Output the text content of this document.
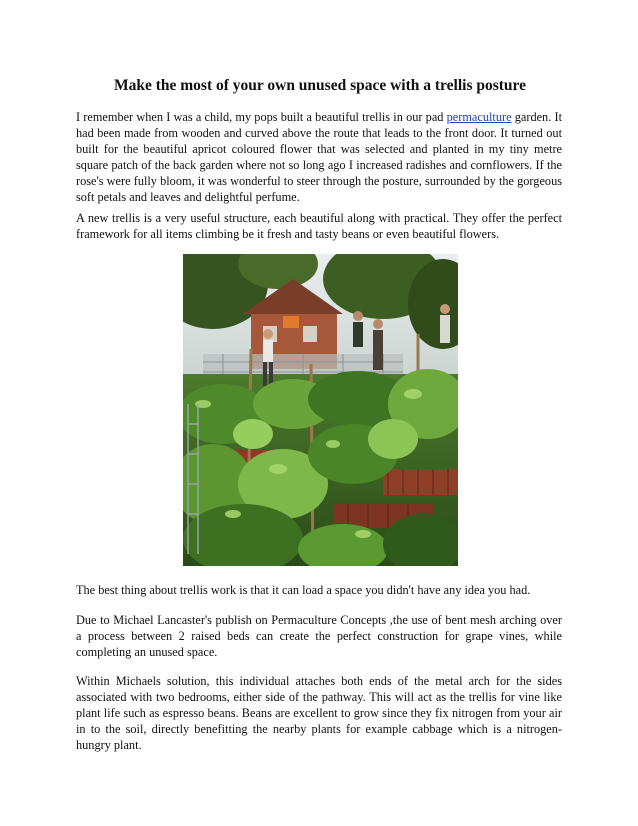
Make the most of your own unused space with a trellis posture

I remember when I was a child, my pops built a beautiful trellis in our pad permaculture garden. It had been made from wooden and curved above the route that leads to the front door. It turned out built for the beautiful apricot coloured flower that was selected and planted in my tiny metre square patch of the back garden where not so long ago I increased radishes and cornflowers. If the rose's were fully bloom, it was wonderful to steer through the posture, surrounded by the gorgeous soft petals and leaves and delightful perfume.

A new trellis is a very useful structure, each beautiful along with practical. They offer the perfect framework for all items climbing be it fresh and tasty beans or even beautiful flowers.

The best thing about trellis work is that it can load a space you didn't have any idea you had.

Due to Michael Lancaster's publish on Permaculture Concepts ,the use of bent mesh arching over a process between 2 raised beds can create the perfect construction for grape vines, while completing an unused space.

Within Michaels solution, this individual attaches both ends of the metal arch for the sides associated with two bedrooms, either side of the pathway. This will act as the trellis for vine like plant life such as espresso beans. Beans are excellent to grow since they fix nitrogen from your air in to the soil, directly benefitting the nearby plants for example cabbage which is a nitrogen-hungry plant.
